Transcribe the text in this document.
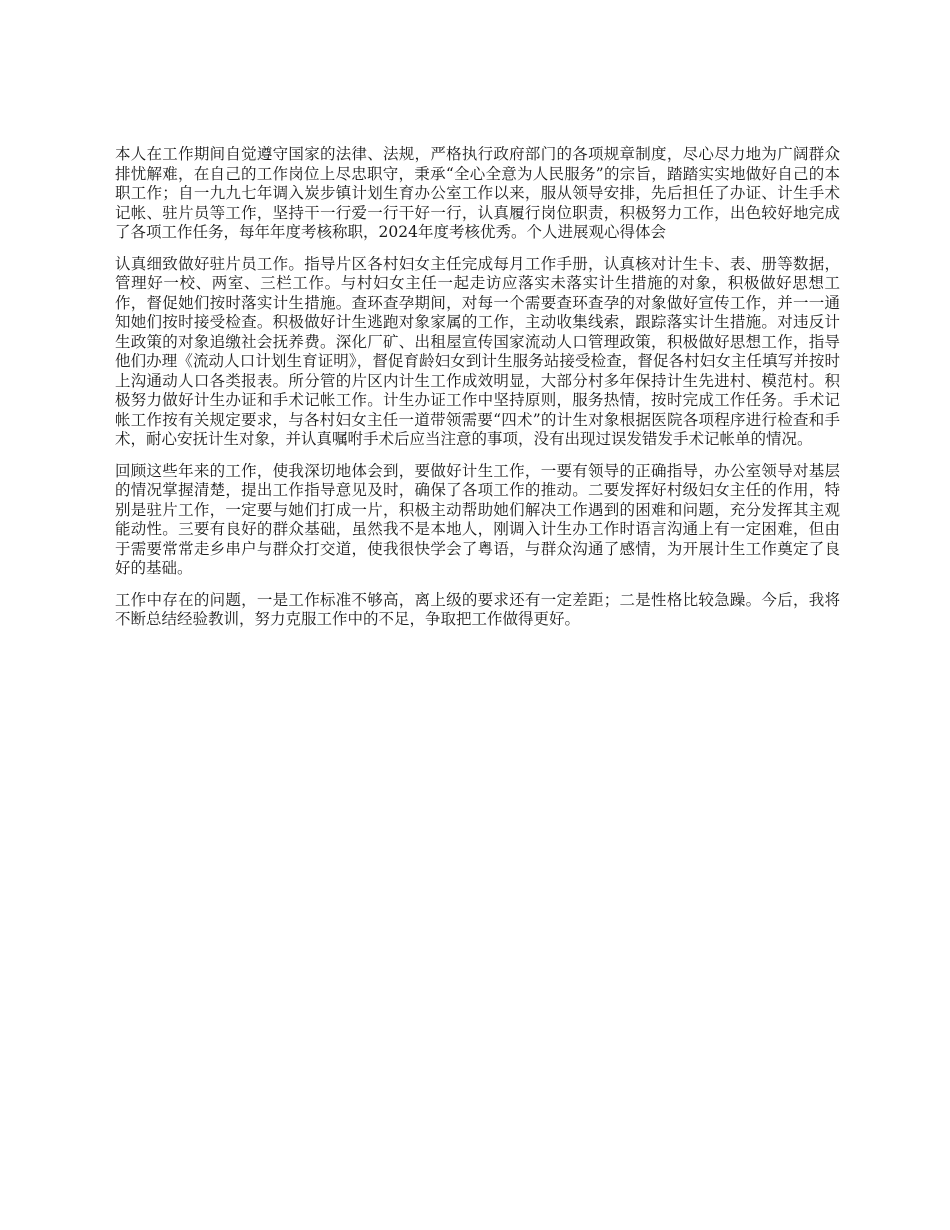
本人在工作期间自觉遵守国家的法律、法规，严格执行政府部门的各项规章制度，尽心尽力地为广阔群众排忧解难，在自己的工作岗位上尽忠职守，秉承“全心全意为人民服务”的宗旨，踏踏实实地做好自己的本职工作；自一九九七年调入炭步镇计划生育办公室工作以来，服从领导安排，先后担任了办证、计生手术记帐、驻片员等工作，坚持干一行爱一行干好一行，认真履行岗位职责，积极努力工作，出色较好地完成了各项工作任务，每年年度考核称职，2024年度考核优秀。个人进展观心得体会

认真细致做好驻片员工作。指导片区各村妇女主任完成每月工作手册，认真核对计生卡、表、册等数据，管理好一校、两室、三栏工作。与村妇女主任一起走访应落实未落实计生措施的对象，积极做好思想工作，督促她们按时落实计生措施。查环查孕期间，对每一个需要查环查孕的对象做好宣传工作，并一一通知她们按时接受检查。积极做好计生逃跑对象家属的工作，主动收集线索，跟踪落实计生措施。对违反计生政策的对象追缴社会抚养费。深化厂矿、出租屋宣传国家流动人口管理政策，积极做好思想工作，指导他们办理《流动人口计划生育证明》，督促育龄妇女到计生服务站接受检查，督促各村妇女主任填写并按时上沟通动人口各类报表。所分管的片区内计生工作成效明显，大部分村多年保持计生先进村、模范村。积极努力做好计生办证和手术记帐工作。计生办证工作中坚持原则，服务热情，按时完成工作任务。手术记帐工作按有关规定要求，与各村妇女主任一道带领需要“四术”的计生对象根据医院各项程序进行检查和手术，耐心安抚计生对象，并认真嘱咐手术后应当注意的事项，没有出现过误发错发手术记帐单的情况。

回顾这些年来的工作，使我深切地体会到，要做好计生工作，一要有领导的正确指导，办公室领导对基层的情况掌握清楚，提出工作指导意见及时，确保了各项工作的推动。二要发挥好村级妇女主任的作用，特别是驻片工作，一定要与她们打成一片，积极主动帮助她们解决工作遇到的困难和问题，充分发挥其主观能动性。三要有良好的群众基础，虽然我不是本地人，刚调入计生办工作时语言沟通上有一定困难，但由于需要常常走乡串户与群众打交道，使我很快学会了粤语，与群众沟通了感情，为开展计生工作奠定了良好的基础。

工作中存在的问题，一是工作标准不够高，离上级的要求还有一定差距；二是性格比较急躁。今后，我将不断总结经验教训，努力克服工作中的不足，争取把工作做得更好。
